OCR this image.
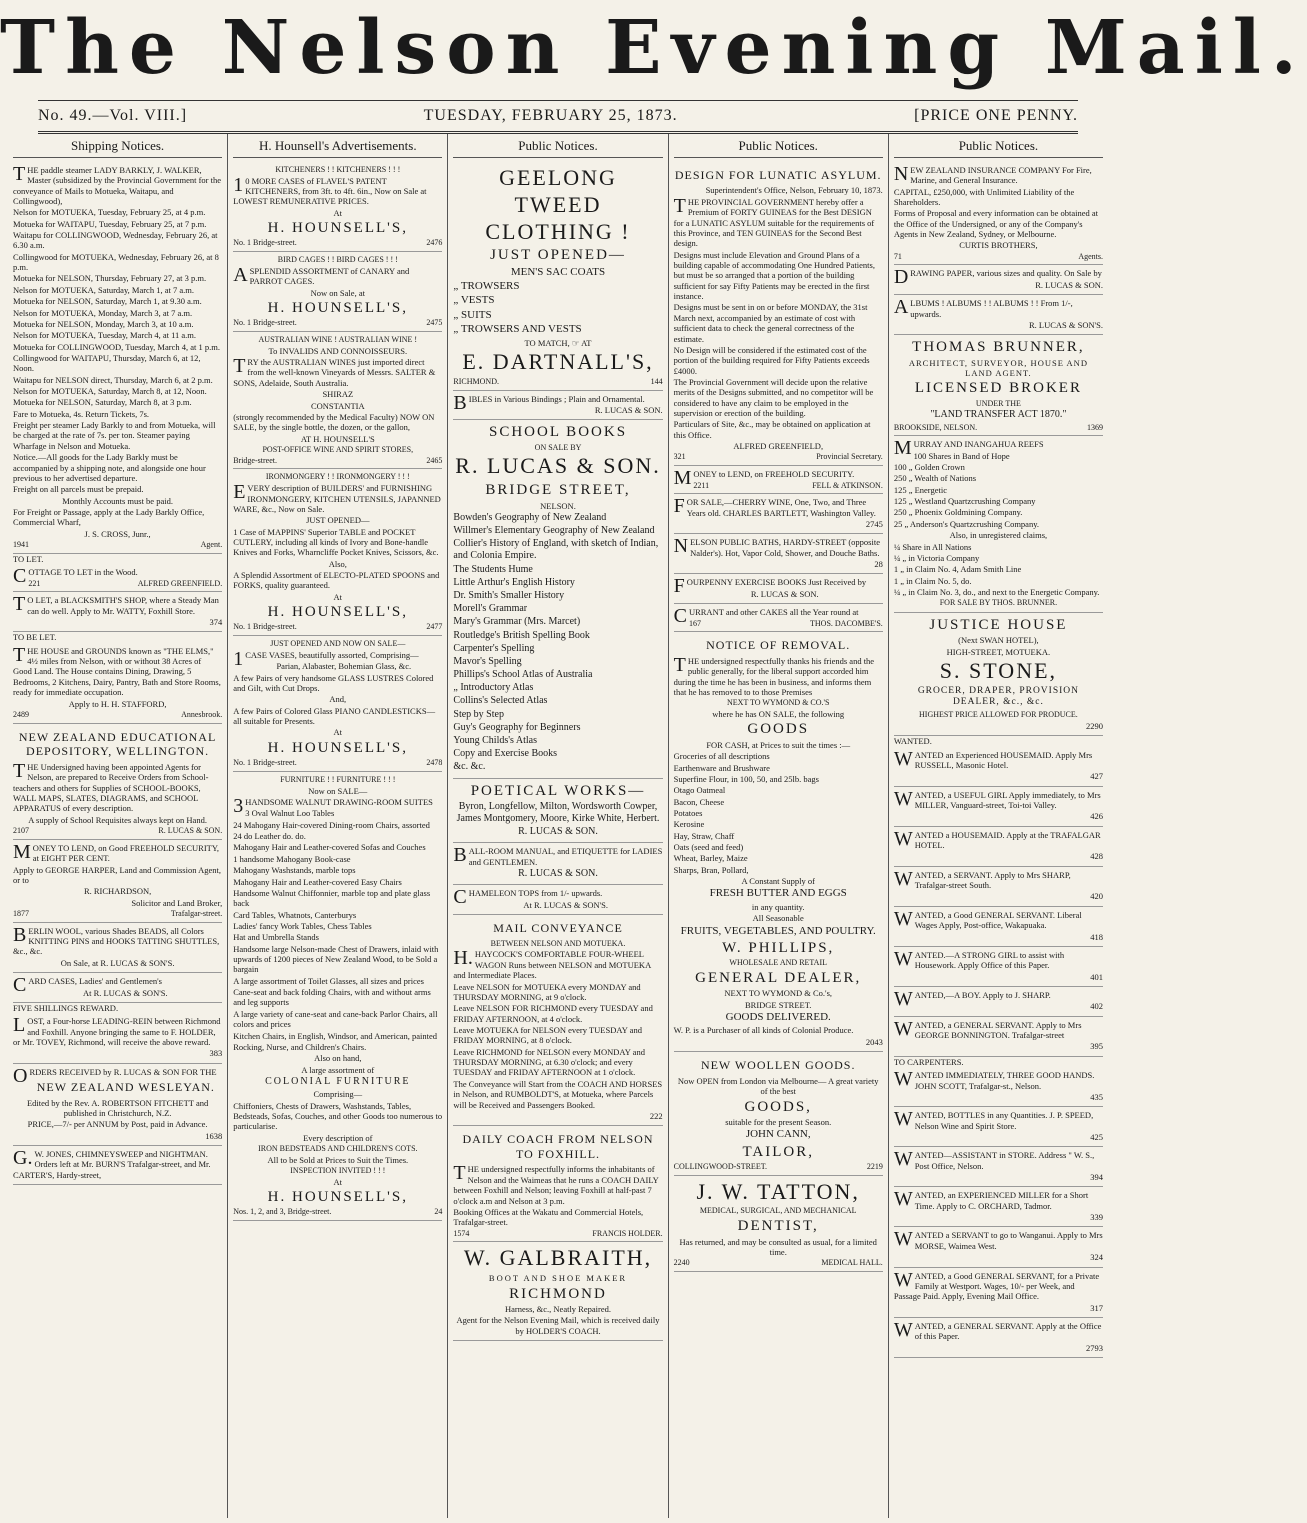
The Nelson Evening Mail.
No. 49.—Vol. VIII.]	TUESDAY, FEBRUARY 25, 1873.	[PRICE ONE PENNY.
Shipping Notices.

THE paddle steamer LADY BARKLY, J. WALKER, Master (subsidized by the Provincial Government for the conveyance of Mails to Motueka, Waitapu, and Collingwood),

Nelson for MOTUEKA, Tuesday, February 25, at 4 p.m.

Motueka for WAITAPU, Tuesday, February 25, at 7 p.m.

Waitapu for COLLINGWOOD, Wednesday, February 26, at 6.30 a.m.

Collingwood for MOTUEKA, Wednesday, February 26, at 8 p.m.

Motueka for NELSON, Thursday, February 27, at 3 p.m.

Nelson for MOTUEKA, Saturday, March 1, at 7 a.m.

Motueka for NELSON, Saturday, March 1, at 9.30 a.m.

Nelson for MOTUEKA, Monday, March 3, at 7 a.m.

Motueka for NELSON, Monday, March 3, at 10 a.m.

Nelson for MOTUEKA, Tuesday, March 4, at 11 a.m.

Motueka for COLLINGWOOD, Tuesday, March 4, at 1 p.m.

Collingwood for WAITAPU, Thursday, March 6, at 12, Noon.

Waitapu for NELSON direct, Thursday, March 6, at 2 p.m.

Nelson for MOTUEKA, Saturday, March 8, at 12, Noon.

Motueka for NELSON, Saturday, March 8, at 3 p.m.

Fare to Motueka, 4s. Return Tickets, 7s.

Freight per steamer Lady Barkly to and from Motueka, will be charged at the rate of 7s. per ton. Steamer paying Wharfage in Nelson and Motueka.

Notice.—All goods for the Lady Barkly must be accompanied by a shipping note, and alongside one hour previous to her advertised departure.

Freight on all parcels must be prepaid.

Monthly Accounts must be paid.

For Freight or Passage, apply at the Lady Barkly Office, Commercial Wharf,

J. S. CROSS, Junr.,

1941	Agent.
TO LET.

COTTAGE TO LET in the Wood.

221	ALFRED GREENFIELD.

TO LET, a BLACKSMITH'S SHOP, where a Steady Man can do well. Apply to Mr. WATTY, Foxhill Store.

374

TO BE LET.

THE HOUSE and GROUNDS known as "THE ELMS," 4½ miles from Nelson, with or without 38 Acres of Good Land. The House contains Dining, Drawing, 5 Bedrooms, 2 Kitchens, Dairy, Pantry, Bath and Store Rooms, ready for immediate occupation.

Apply to H. H. STAFFORD,

2489	Annesbrook.

NEW ZEALAND EDUCATIONAL DEPOSITORY, WELLINGTON.

THE Undersigned having been appointed Agents for Nelson, are prepared to Receive Orders from School-teachers and others for Supplies of SCHOOL-BOOKS, WALL MAPS, SLATES, DIAGRAMS, and SCHOOL APPARATUS of every description.

A supply of School Requisites always kept on Hand.

2107	R. LUCAS & SON.

MONEY TO LEND, on Good FREEHOLD SECURITY, at EIGHT PER CENT.

Apply to GEORGE HARPER, Land and Commission Agent, or to

R. RICHARDSON,

Solicitor and Land Broker,

1877	Trafalgar-street.

BERLIN WOOL, various Shades BEADS, all Colors KNITTING PINS and HOOKS TATTING SHUTTLES, &c., &c.

On Sale, at R. LUCAS & SON'S.

CARD CASES, Ladies' and Gentlemen's

At R. LUCAS & SON'S.

FIVE SHILLINGS REWARD.

LOST, a Four-horse LEADING-REIN between Richmond and Foxhill. Anyone bringing the same to F. HOLDER, or Mr. TOVEY, Richmond, will receive the above reward.

383

ORDERS RECEIVED by R. LUCAS & SON FOR THE

NEW ZEALAND WESLEYAN.

Edited by the Rev. A. ROBERTSON FITCHETT and published in Christchurch, N.Z.

PRICE,—7/- per ANNUM by Post, paid in Advance.

1638

G.W. JONES, CHIMNEYSWEEP and NIGHTMAN. Orders left at Mr. BURN'S Trafalgar-street, and Mr. CARTER'S, Hardy-street,

H. Hounsell's Advertisements.

KITCHENERS ! ! KITCHENERS ! ! !

10 MORE CASES of FLAVEL'S PATENT KITCHENERS, from 3ft. to 4ft. 6in., Now on Sale at LOWEST REMUNERATIVE PRICES.

At

H. HOUNSELL'S,

No. 1 Bridge-street.	2476

BIRD CAGES ! ! BIRD CAGES ! ! !

ASPLENDID ASSORTMENT of CANARY and PARROT CAGES.

Now on Sale, at

H. HOUNSELL'S,

No. 1 Bridge-street.	2475

AUSTRALIAN WINE ! AUSTRALIAN WINE !

To INVALIDS AND CONNOISSEURS.

TRY the AUSTRALIAN WINES just imported direct from the well-known Vineyards of Messrs. SALTER & SONS, Adelaide, South Australia.

SHIRAZ

CONSTANTIA

(strongly recommended by the Medical Faculty) NOW ON SALE, by the single bottle, the dozen, or the gallon,

AT H. HOUNSELL'S

POST-OFFICE WINE AND SPIRIT STORES,

Bridge-street.	2465

IRONMONGERY ! ! IRONMONGERY ! ! !

EVERY description of BUILDERS' and FURNISHING IRONMONGERY, KITCHEN UTENSILS, JAPANNED WARE, &c., Now on Sale.

JUST OPENED—

1 Case of MAPPINS' Superior TABLE and POCKET CUTLERY, including all kinds of Ivory and Bone-handle Knives and Forks, Wharncliffe Pocket Knives, Scissors, &c.

Also,

A Splendid Assortment of ELECTO-PLATED SPOONS and FORKS, quality guaranteed.

At

H. HOUNSELL'S,

No. 1 Bridge-street.	2477

JUST OPENED AND NOW ON SALE—

1CASE VASES, beautifully assorted, Comprising—

Parian, Alabaster, Bohemian Glass, &c.

A few Pairs of very handsome GLASS LUSTRES Colored and Gilt, with Cut Drops.

And,

A few Pairs of Colored Glass PIANO CANDLESTICKS—all suitable for Presents.

At

H. HOUNSELL'S,

No. 1 Bridge-street.	2478

FURNITURE ! ! FURNITURE ! ! !

Now on SALE—

3HANDSOME WALNUT DRAWING-ROOM SUITES

3 Oval Walnut Loo Tables

24 Mahogany Hair-covered Dining-room Chairs, assorted

24 do Leather do. do.

Mahogany Hair and Leather-covered Sofas and Couches

1 handsome Mahogany Book-case

Mahogany Washstands, marble tops

Mahogany Hair and Leather-covered Easy Chairs

Handsome Walnut Chiffonnier, marble top and plate glass back

Card Tables, Whatnots, Canterburys

Ladies' fancy Work Tables, Chess Tables

Hat and Umbrella Stands

Handsome large Nelson-made Chest of Drawers, inlaid with upwards of 1200 pieces of New Zealand Wood, to be Sold a bargain

A large assortment of Toilet Glasses, all sizes and prices

Cane-seat and back folding Chairs, with and without arms and leg supports

A large variety of cane-seat and cane-back Parlor Chairs, all colors and prices

Kitchen Chairs, in English, Windsor, and American, painted

Rocking, Nurse, and Children's Chairs.

Also on hand,

A large assortment of

COLONIAL FURNITURE

Comprising—

Chiffoniers, Chests of Drawers, Washstands, Tables, Bedsteads, Sofas, Couches, and other Goods too numerous to particularise.

Every description of

IRON BEDSTEADS AND CHILDREN'S COTS.

All to be Sold at Prices to Suit the Times.

INSPECTION INVITED ! ! !

At

H. HOUNSELL'S,

Nos. 1, 2, and 3, Bridge-street.	24
Public Notices.

GEELONG TWEED CLOTHING !

JUST OPENED—

MEN'S SAC COATS

„ TROWSERS

„ VESTS

„ SUITS

„ TROWSERS AND VESTS

TO MATCH, ☞ AT

E. DARTNALL'S,

RICHMOND.	144

BIBLES in Various Bindings ; Plain and Ornamental.

R. LUCAS & SON.

SCHOOL BOOKS

ON SALE BY

R. LUCAS & SON.

BRIDGE STREET,

NELSON.

Bowden's Geography of New Zealand

Willmer's Elementary Geography of New Zealand

Collier's History of England, with sketch of Indian, and Colonia Empire.

The Students Hume

Little Arthur's English History

Dr. Smith's Smaller History

Morell's Grammar

Mary's Grammar (Mrs. Marcet)

Routledge's British Spelling Book

Carpenter's Spelling

Mavor's Spelling

Phillips's School Atlas of Australia

„ Introductory Atlas

Collins's Selected Atlas

Step by Step

Guy's Geography for Beginners

Young Childs's Atlas

Copy and Exercise Books

&c. &c.

POETICAL WORKS—

Byron, Longfellow, Milton, Wordsworth Cowper, James Montgomery, Moore, Kirke White, Herbert.

R. LUCAS & SON.

BALL-ROOM MANUAL, and ETIQUETTE for LADIES and GENTLEMEN.

R. LUCAS & SON.

CHAMELEON TOPS from 1/- upwards.

At R. LUCAS & SON'S.

MAIL CONVEYANCE

BETWEEN NELSON AND MOTUEKA.

H.HAYCOCK'S COMFORTABLE FOUR-WHEEL WAGON Runs between NELSON and MOTUEKA and Intermediate Places.

Leave NELSON for MOTUEKA every MONDAY and THURSDAY MORNING, at 9 o'clock.

Leave NELSON FOR RICHMOND every TUESDAY and FRIDAY AFTERNOON, at 4 o'clock.

Leave MOTUEKA for NELSON every TUESDAY and FRIDAY MORNING, at 8 o'clock.

Leave RICHMOND for NELSON every MONDAY and THURSDAY MORNING, at 6.30 o'clock; and every TUESDAY and FRIDAY AFTERNOON at 1 o'clock.

The Conveyance will Start from the COACH AND HORSES in Nelson, and RUMBOLDT'S, at Motueka, where Parcels will be Received and Passengers Booked.

222

DAILY COACH FROM NELSON TO FOXHILL.

THE undersigned respectfully informs the inhabitants of Nelson and the Waimeas that he runs a COACH DAILY between Foxhill and Nelson; leaving Foxhill at half-past 7 o'clock a.m and Nelson at 3 p.m.

Booking Offices at the Wakatu and Commercial Hotels, Trafalgar-street.

1574	FRANCIS HOLDER.

W. GALBRAITH,

BOOT AND SHOE MAKER

RICHMOND

Harness, &c., Neatly Repaired.

Agent for the Nelson Evening Mail, which is received daily by HOLDER'S COACH.

Public Notices.

DESIGN FOR LUNATIC ASYLUM.

Superintendent's Office, Nelson, February 10, 1873.

THE PROVINCIAL GOVERNMENT hereby offer a Premium of FORTY GUINEAS for the Best DESIGN for a LUNATIC ASYLUM suitable for the requirements of this Province, and TEN GUINEAS for the Second Best design.

Designs must include Elevation and Ground Plans of a building capable of accommodating One Hundred Patients, but must be so arranged that a portion of the building sufficient for say Fifty Patients may be erected in the first instance.

Designs must be sent in on or before MONDAY, the 31st March next, accompanied by an estimate of cost with sufficient data to check the general correctness of the estimate.

No Design will be considered if the estimated cost of the portion of the building required for Fifty Patients exceeds £4000.

The Provincial Government will decide upon the relative merits of the Designs submitted, and no competitor will be considered to have any claim to be employed in the supervision or erection of the building.

Particulars of Site, &c., may be obtained on application at this Office.

ALFRED GREENFIELD,

321	Provincial Secretary.

MONEY to LEND, on FREEHOLD SECURITY.

2211	FELL & ATKINSON.

FOR SALE,—CHERRY WINE, One, Two, and Three Years old. CHARLES BARTLETT, Washington Valley.

2745

NELSON PUBLIC BATHS, HARDY-STREET (opposite Nalder's). Hot, Vapor Cold, Shower, and Douche Baths.

28

FOURPENNY EXERCISE BOOKS Just Received by

R. LUCAS & SON.

CURRANT and other CAKES all the Year round at

167	THOS. DACOMBE'S.

NOTICE OF REMOVAL.

THE undersigned respectfully thanks his friends and the public generally, for the liberal support accorded him during the time he has been in business, and informs them that he has removed to to those Premises

NEXT TO WYMOND & CO.'S

where he has ON SALE, the following

GOODS

FOR CASH, at Prices to suit the times :—

Groceries of all descriptions

Earthenware and Brushware

Superfine Flour, in 100, 50, and 25lb. bags

Otago Oatmeal

Bacon, Cheese

Potatoes

Kerosine

Hay, Straw, Chaff

Oats (seed and feed)

Wheat, Barley, Maize

Sharps, Bran, Pollard,

A Constant Supply of

FRESH BUTTER AND EGGS

in any quantity.

All Seasonable

FRUITS, VEGETABLES, AND POULTRY.

W. PHILLIPS,

WHOLESALE AND RETAIL

GENERAL DEALER,

NEXT TO WYMOND & Co.'s,

BRIDGE STREET.

GOODS DELIVERED.

W. P. is a Purchaser of all kinds of Colonial Produce.

2043

NEW WOOLLEN GOODS.

Now OPEN from London via Melbourne— A great variety of the best

GOODS,

suitable for the present Season.

JOHN CANN,

TAILOR,

COLLINGWOOD-STREET.	2219

J. W. TATTON,

MEDICAL, SURGICAL, AND MECHANICAL

DENTIST,

Has returned, and may be consulted as usual, for a limited time.

2240	MEDICAL HALL.
Public Notices.

NEW ZEALAND INSURANCE COMPANY For Fire, Marine, and General Insurance.

CAPITAL, £250,000, with Unlimited Liability of the Shareholders.

Forms of Proposal and every information can be obtained at the Office of the Undersigned, or any of the Company's Agents in New Zealand, Sydney, or Melbourne.

CURTIS BROTHERS,

71	Agents.

DRAWING PAPER, various sizes and quality. On Sale by

R. LUCAS & SON.

ALBUMS ! ALBUMS ! ! ALBUMS ! ! From 1/-, upwards.

R. LUCAS & SON'S.

THOMAS BRUNNER,

ARCHITECT, SURVEYOR, HOUSE AND LAND AGENT.

LICENSED BROKER

UNDER THE

"LAND TRANSFER ACT 1870."

BROOKSIDE, NELSON.	1369

MURRAY AND INANGAHUA REEFS

100 Shares in Band of Hope

100 „ Golden Crown

250 „ Wealth of Nations

125 „ Energetic

125 „ Westland Quartzcrushing Company

250 „ Phoenix Goldmining Company.

25 „ Anderson's Quartzcrushing Company.

Also, in unregistered claims,

¼ Share in All Nations

¼ „ in Victoria Company

1 „ in Claim No. 4, Adam Smith Line

1 „ in Claim No. 5, do.

¼ „ in Claim No. 3, do., and next to the Energetic Company.

FOR SALE BY THOS. BRUNNER.

JUSTICE HOUSE

(Next SWAN HOTEL),

HIGH-STREET, MOTUEKA.

S. STONE,

GROCER, DRAPER, PROVISION DEALER, &c., &c.

HIGHEST PRICE ALLOWED FOR PRODUCE.

2290

WANTED.

WANTED an Experienced HOUSEMAID. Apply Mrs RUSSELL, Masonic Hotel.

427

WANTED, a USEFUL GIRL Apply immediately, to Mrs MILLER, Vanguard-street, Toi-toi Valley.

426

WANTED a HOUSEMAID. Apply at the TRAFALGAR HOTEL.

428

WANTED, a SERVANT. Apply to Mrs SHARP, Trafalgar-street South.

420

WANTED, a Good GENERAL SERVANT. Liberal Wages Apply, Post-office, Wakapuaka.

418

WANTED.—A STRONG GIRL to assist with Housework. Apply Office of this Paper.

401

WANTED,—A BOY. Apply to J. SHARP.

402

WANTED, a GENERAL SERVANT. Apply to Mrs GEORGE BONNINGTON. Trafalgar-street

395

TO CARPENTERS.

WANTED IMMEDIATELY, THREE GOOD HANDS. JOHN SCOTT, Trafalgar-st., Nelson.

435

WANTED, BOTTLES in any Quantities. J. P. SPEED, Nelson Wine and Spirit Store.

425

WANTED—ASSISTANT in STORE. Address " W. S., Post Office, Nelson.

394

WANTED, an EXPERIENCED MILLER for a Short Time. Apply to C. ORCHARD, Tadmor.

339

WANTED a SERVANT to go to Wanganui. Apply to Mrs MORSE, Waimea West.

324

WANTED, a Good GENERAL SERVANT, for a Private Family at Westport. Wages, 10/- per Week, and Passage Paid. Apply, Evening Mail Office.

317

WANTED, a GENERAL SERVANT. Apply at the Office of this Paper.

2793
